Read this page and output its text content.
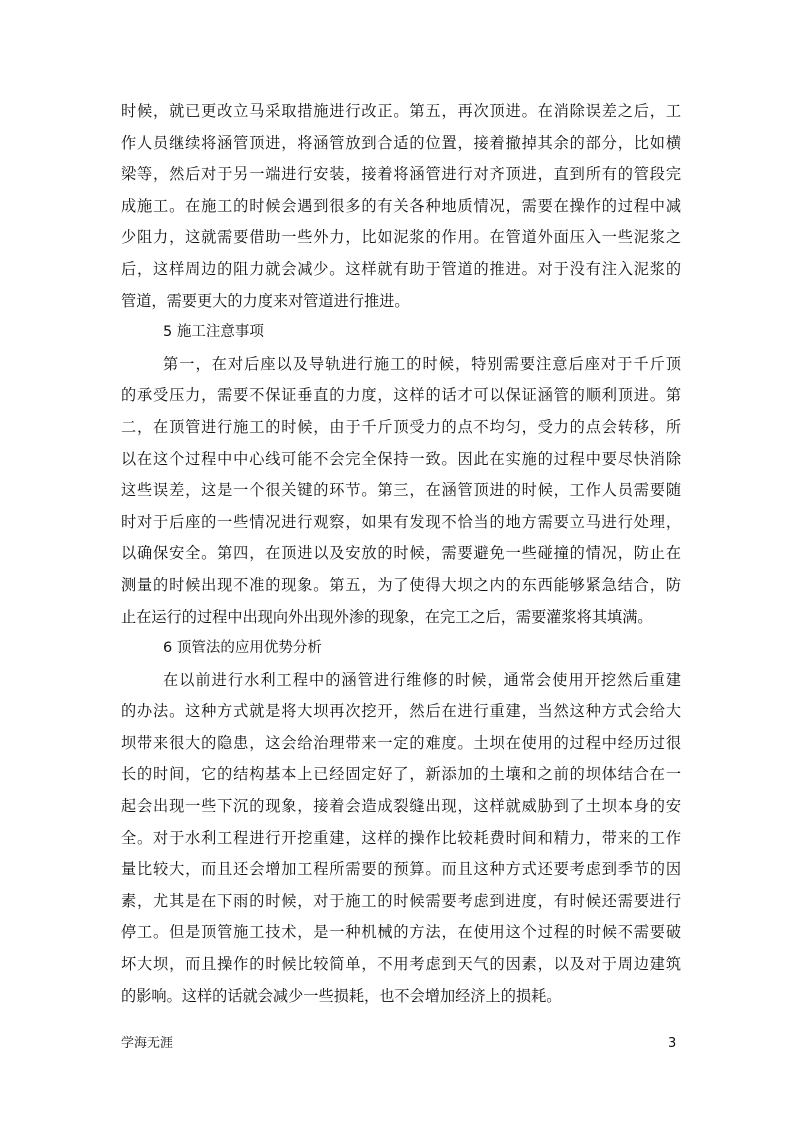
时候，就已更改立马采取措施进行改正。第五，再次顶进。在消除误差之后，工
作人员继续将涵管顶进，将涵管放到合适的位置，接着撤掉其余的部分，比如横
梁等，然后对于另一端进行安装，接着将涵管进行对齐顶进，直到所有的管段完
成施工。在施工的时候会遇到很多的有关各种地质情况，需要在操作的过程中减
少阻力，这就需要借助一些外力，比如泥浆的作用。在管道外面压入一些泥浆之
后，这样周边的阻力就会减少。这样就有助于管道的推进。对于没有注入泥浆的
管道，需要更大的力度来对管道进行推进。
5 施工注意事项
第一，在对后座以及导轨进行施工的时候，特别需要注意后座对于千斤顶
的承受压力，需要不保证垂直的力度，这样的话才可以保证涵管的顺利顶进。第
二，在顶管进行施工的时候，由于千斤顶受力的点不均匀，受力的点会转移，所
以在这个过程中中心线可能不会完全保持一致。因此在实施的过程中要尽快消除
这些误差，这是一个很关键的环节。第三，在涵管顶进的时候，工作人员需要随
时对于后座的一些情况进行观察，如果有发现不恰当的地方需要立马进行处理，
以确保安全。第四，在顶进以及安放的时候，需要避免一些碰撞的情况，防止在
测量的时候出现不准的现象。第五，为了使得大坝之内的东西能够紧急结合，防
止在运行的过程中出现向外出现外渗的现象，在完工之后，需要灌浆将其填满。
6 顶管法的应用优势分析
在以前进行水利工程中的涵管进行维修的时候，通常会使用开挖然后重建
的办法。这种方式就是将大坝再次挖开，然后在进行重建，当然这种方式会给大
坝带来很大的隐患，这会给治理带来一定的难度。土坝在使用的过程中经历过很
长的时间，它的结构基本上已经固定好了，新添加的土壤和之前的坝体结合在一
起会出现一些下沉的现象，接着会造成裂缝出现，这样就威胁到了土坝本身的安
全。对于水利工程进行开挖重建，这样的操作比较耗费时间和精力，带来的工作
量比较大，而且还会增加工程所需要的预算。而且这种方式还要考虑到季节的因
素，尤其是在下雨的时候，对于施工的时候需要考虑到进度，有时候还需要进行
停工。但是顶管施工技术，是一种机械的方法，在使用这个过程的时候不需要破
坏大坝，而且操作的时候比较简单，不用考虑到天气的因素，以及对于周边建筑
的影响。这样的话就会减少一些损耗，也不会增加经济上的损耗。
学海无涯	3
